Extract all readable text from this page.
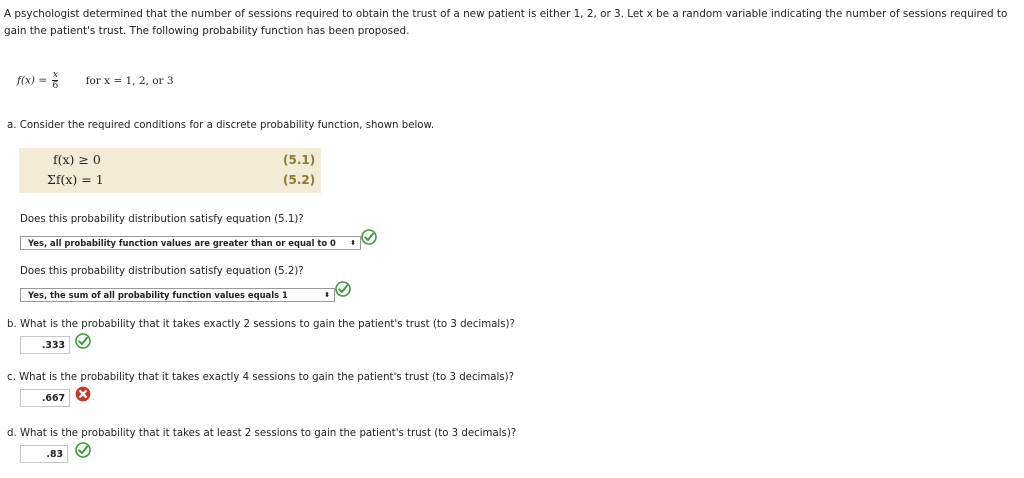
A psychologist determined that the number of sessions required to obtain the trust of a new patient is either 1, 2, or 3. Let x be a random variable indicating the number of sessions required to gain the patient's trust. The following probability function has been proposed.
$f(x) = \frac{x}{6}$	for x = 1, 2, or 3
a. Consider the required conditions for a discrete probability function, shown below.
f(x) ≥ 0	(5.1)
Σf(x) = 1	(5.2)
Does this probability distribution satisfy equation (5.1)?
Yes, all probability function values are greater than or equal to 0 ⬍
Does this probability distribution satisfy equation (5.2)?
Yes, the sum of all probability function values equals 1	⬍
b. What is the probability that it takes exactly 2 sessions to gain the patient's trust (to 3 decimals)?
.333
c. What is the probability that it takes exactly 4 sessions to gain the patient's trust (to 3 decimals)?
.667
d. What is the probability that it takes at least 2 sessions to gain the patient's trust (to 3 decimals)?
.83
